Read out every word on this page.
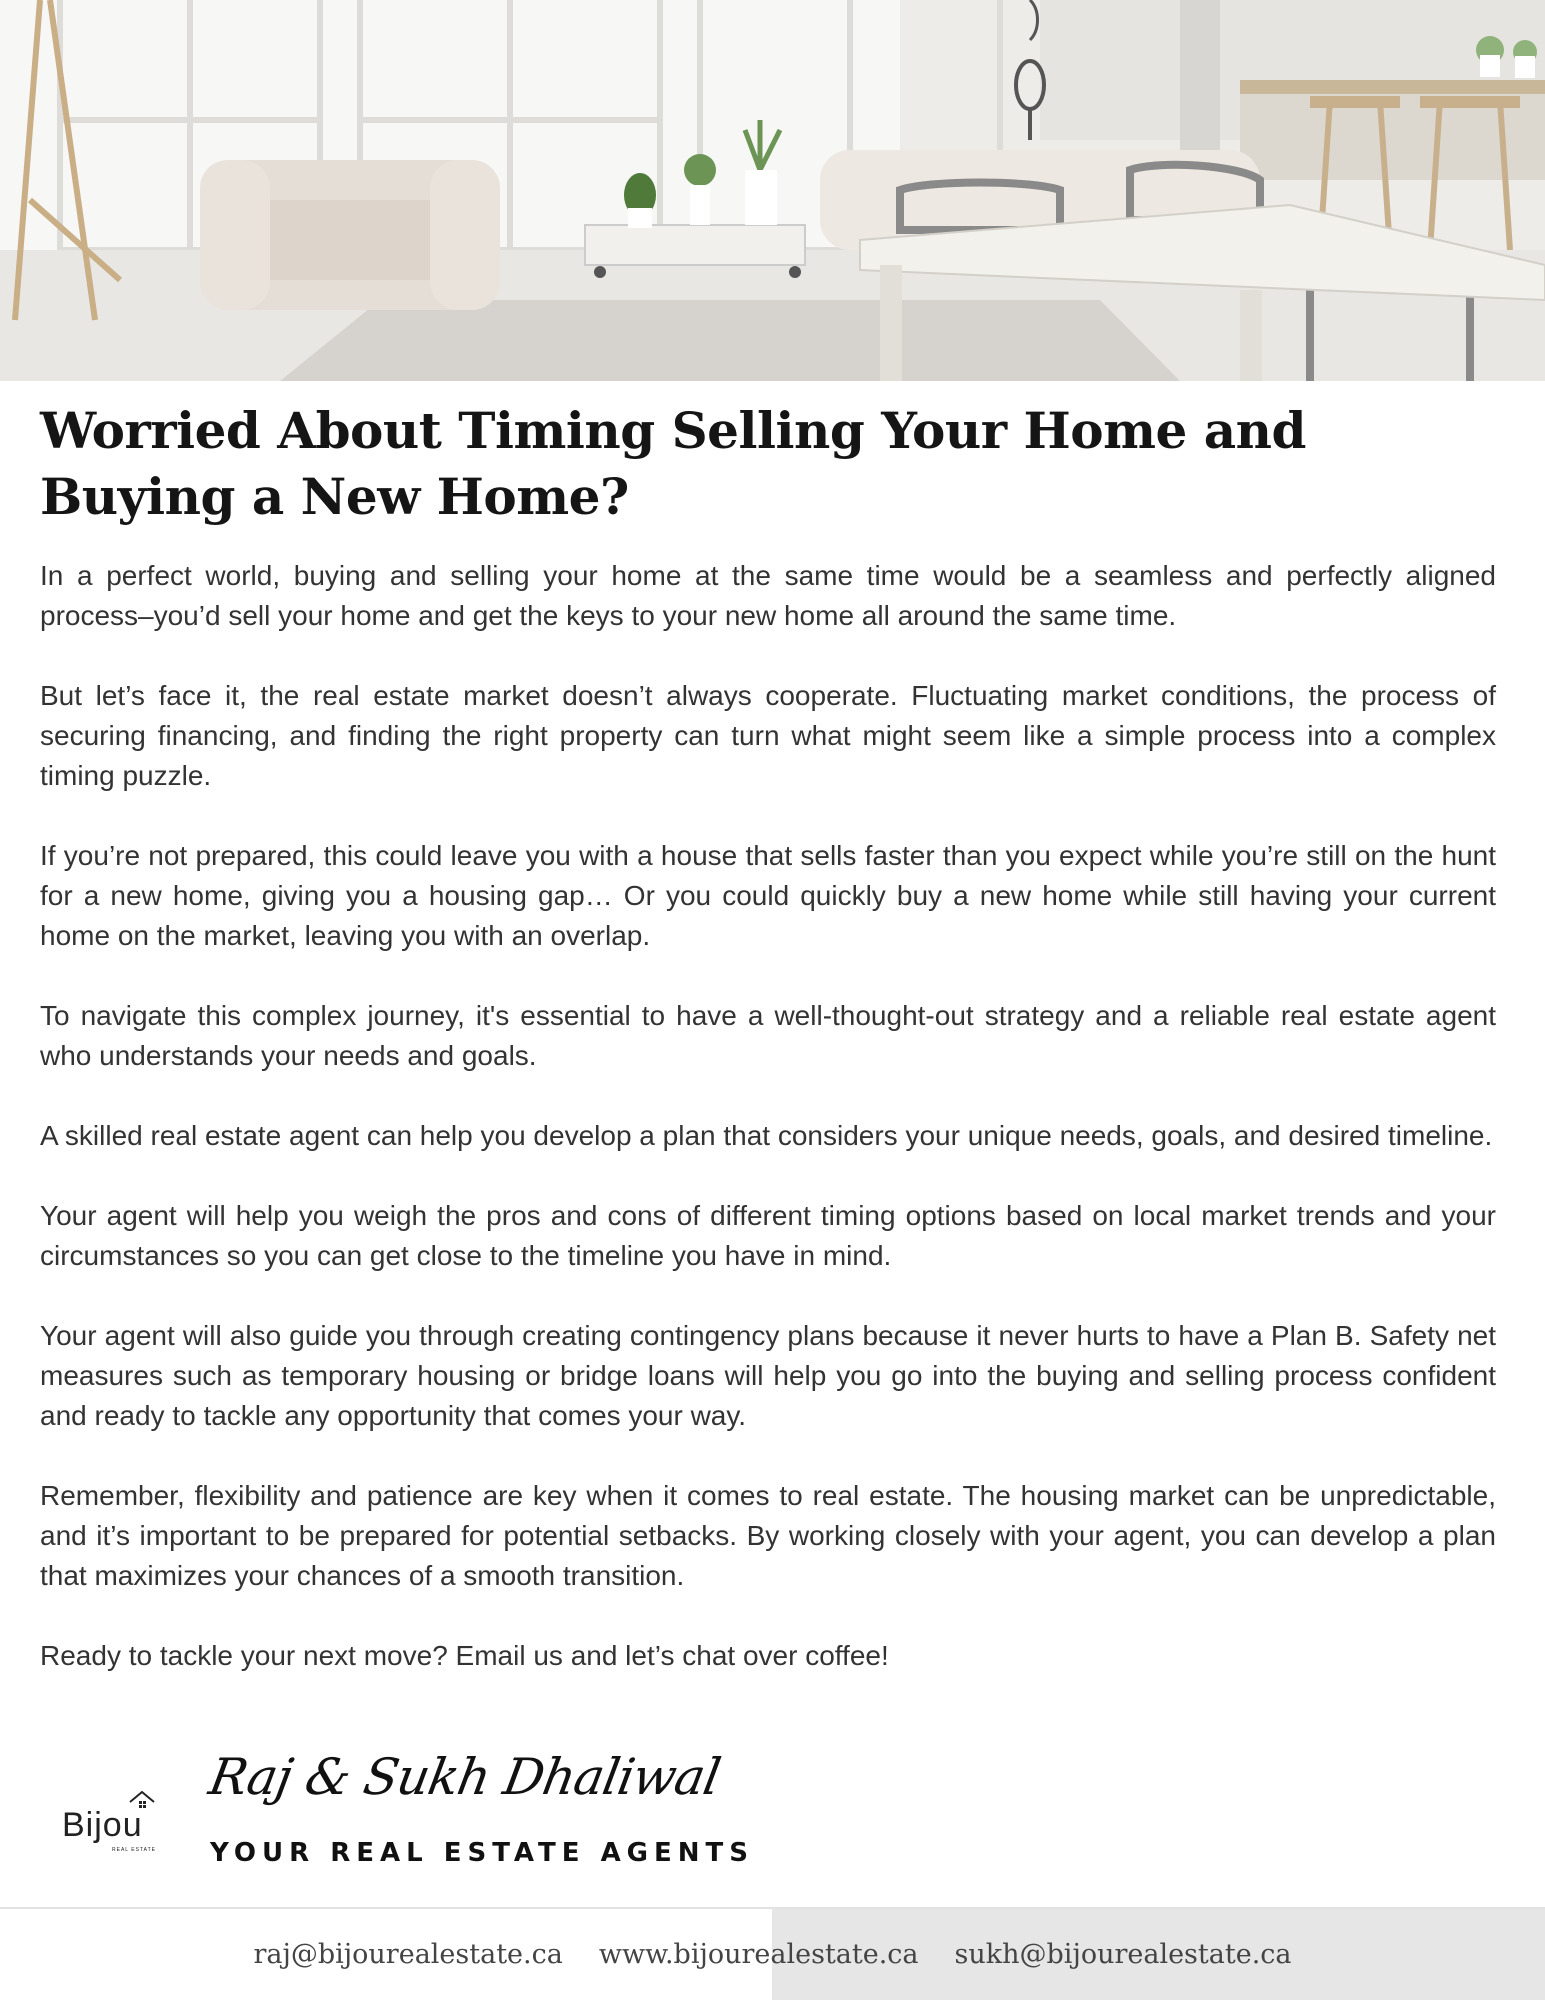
Worried About Timing Selling Your Home and Buying a New Home?

In a perfect world, buying and selling your home at the same time would be a seamless and perfectly aligned process–you’d sell your home and get the keys to your new home all around the same time.

But let’s face it, the real estate market doesn’t always cooperate. Fluctuating market conditions, the process of securing financing, and finding the right property can turn what might seem like a simple process into a complex timing puzzle.

If you’re not prepared, this could leave you with a house that sells faster than you expect while you’re still on the hunt for a new home, giving you a housing gap… Or you could quickly buy a new home while still having your current home on the market, leaving you with an overlap.

To navigate this complex journey, it's essential to have a well-thought-out strategy and a reliable real estate agent who understands your needs and goals.

A skilled real estate agent can help you develop a plan that considers your unique needs, goals, and desired timeline.

Your agent will help you weigh the pros and cons of different timing options based on local market trends and your circumstances so you can get close to the timeline you have in mind.

Your agent will also guide you through creating contingency plans because it never hurts to have a Plan B. Safety net measures such as temporary housing or bridge loans will help you go into the buying and selling process confident and ready to tackle any opportunity that comes your way.

Remember, flexibility and patience are key when it comes to real estate. The housing market can be unpredictable, and it’s important to be prepared for potential setbacks. By working closely with your agent, you can develop a plan that maximizes your chances of a smooth transition.

Ready to tackle your next move? Email us and let’s chat over coffee!

Bijou
REAL ESTATE
Raj & Sukh Dhaliwal
YOUR REAL ESTATE AGENTS
raj@bijourealestate.ca www.bijourealestate.ca sukh@bijourealestate.ca
